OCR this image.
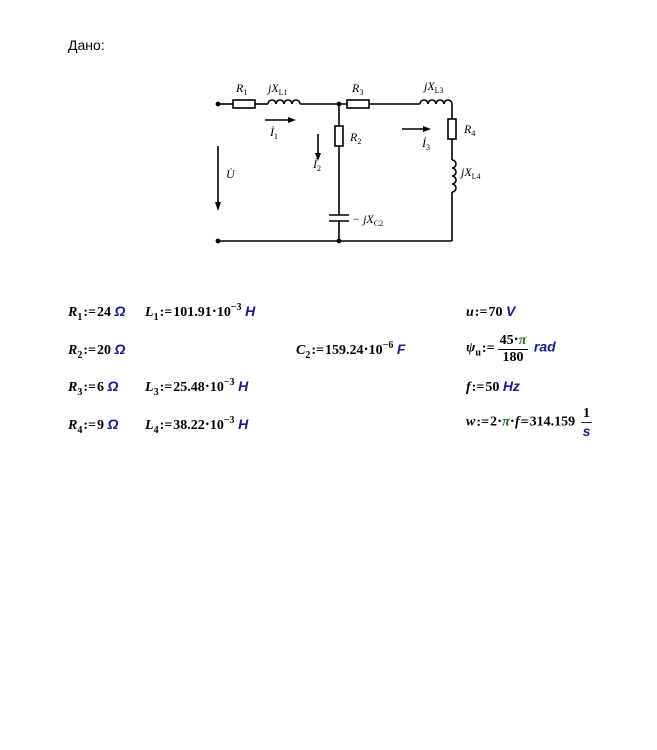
Дано:
$R_1$ $jX_{L1}$	$R_3$	$jX_{L3}$
$R_4$
$jX_{L4}$
$R_2$
− $jX_{C2}$
$İ_1$
$İ_2$
$İ_3$
U̇
$R_1:=24$ Ω $L_1:=101.91•10^{-3}$ H	u:=70 V
$R_2:=20$ Ω	$C_2:=159.24•10^{-6}$ F	$\psi_u:= \frac{45•\pi}{180}$ rad
$R_3:=6$ Ω $L_3:=25.48•10^{-3}$ H	f:=50 Hz
$R_4:=9$ Ω $L_4:=38.22•10^{-3}$ H	w:=2•π•f=314.159 $\frac{1}{s}$
